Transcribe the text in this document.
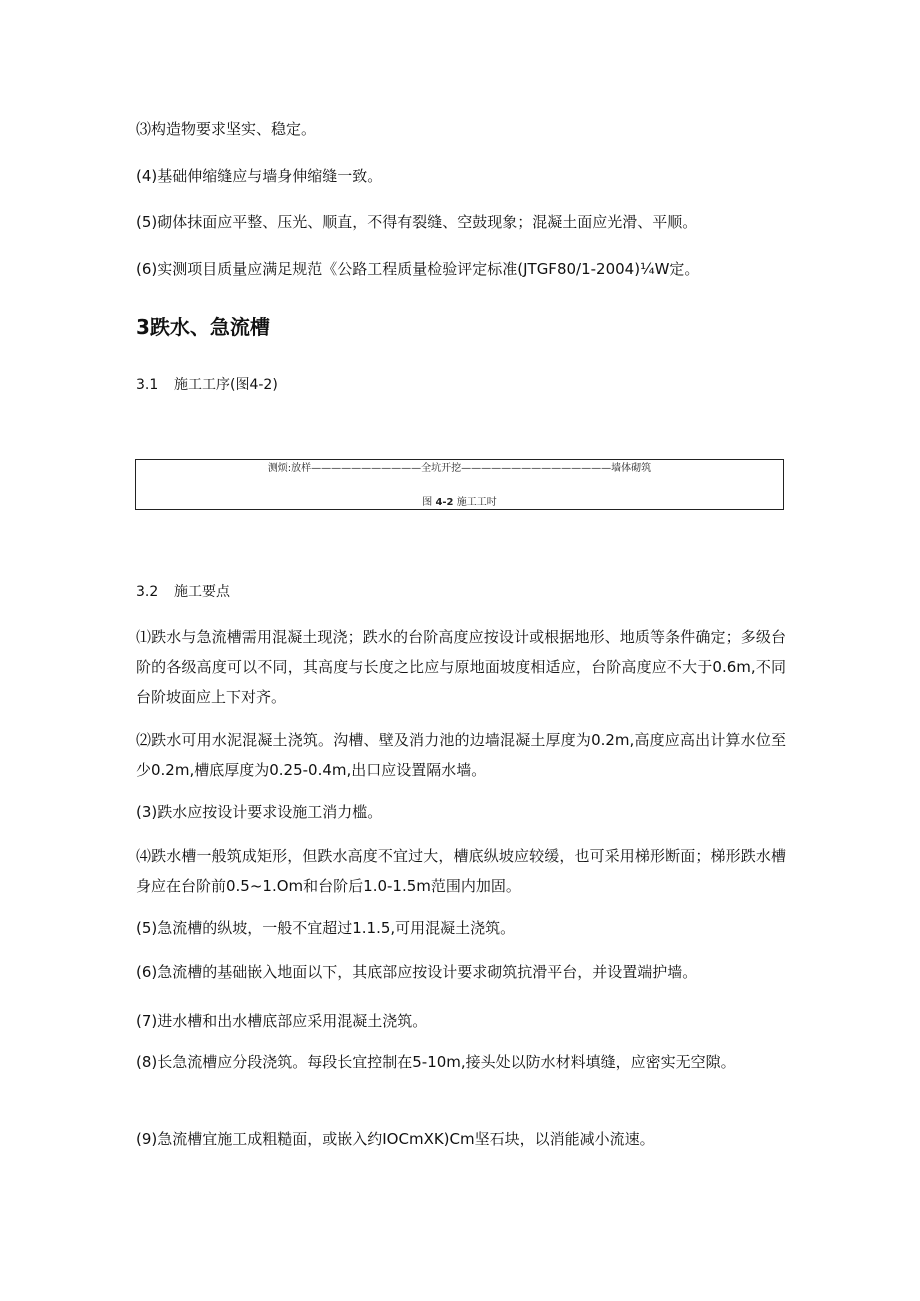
⑶构造物要求坚实、稳定。

(4)基础伸缩缝应与墙身伸缩缝一致。

(5)砌体抹面应平整、压光、顺直，不得有裂缝、空鼓现象；混凝土面应光滑、平顺。

(6)实测项目质量应满足规范《公路工程质量检验评定标准(JTGF80/1-2004)¼W定。

3跌水、急流槽

3.1 施工工序(图4-2)

测烦:放样———————————全坑开挖———————————————墙体砌筑
图 4-2 施工工吋

3.2 施工要点

⑴跌水与急流槽需用混凝土现浇；跌水的台阶高度应按设计或根据地形、地质等条件确定；多级台阶的各级高度可以不同，其高度与长度之比应与原地面坡度相适应，台阶高度应不大于0.6m,不同台阶坡面应上下对齐。

⑵跌水可用水泥混凝土浇筑。沟槽、壁及消力池的边墙混凝土厚度为0.2m,高度应高出计算水位至少0.2m,槽底厚度为0.25-0.4m,出口应设置隔水墙。

(3)跌水应按设计要求设施工消力槛。

⑷跌水槽一般筑成矩形，但跌水高度不宜过大，槽底纵坡应较缓，也可采用梯形断面；梯形跌水槽身应在台阶前0.5~1.Om和台阶后1.0-1.5m范围内加固。

(5)急流槽的纵坡，一般不宜超过1.1.5,可用混凝土浇筑。

(6)急流槽的基础嵌入地面以下，其底部应按设计要求砌筑抗滑平台，并设置端护墙。

(7)进水槽和出水槽底部应采用混凝土浇筑。

(8)长急流槽应分段浇筑。每段长宜控制在5-10m,接头处以防水材料填缝，应密实无空隙。

(9)急流槽宜施工成粗糙面，或嵌入约IOCmXK)Cm坚石块，以消能减小流速。
